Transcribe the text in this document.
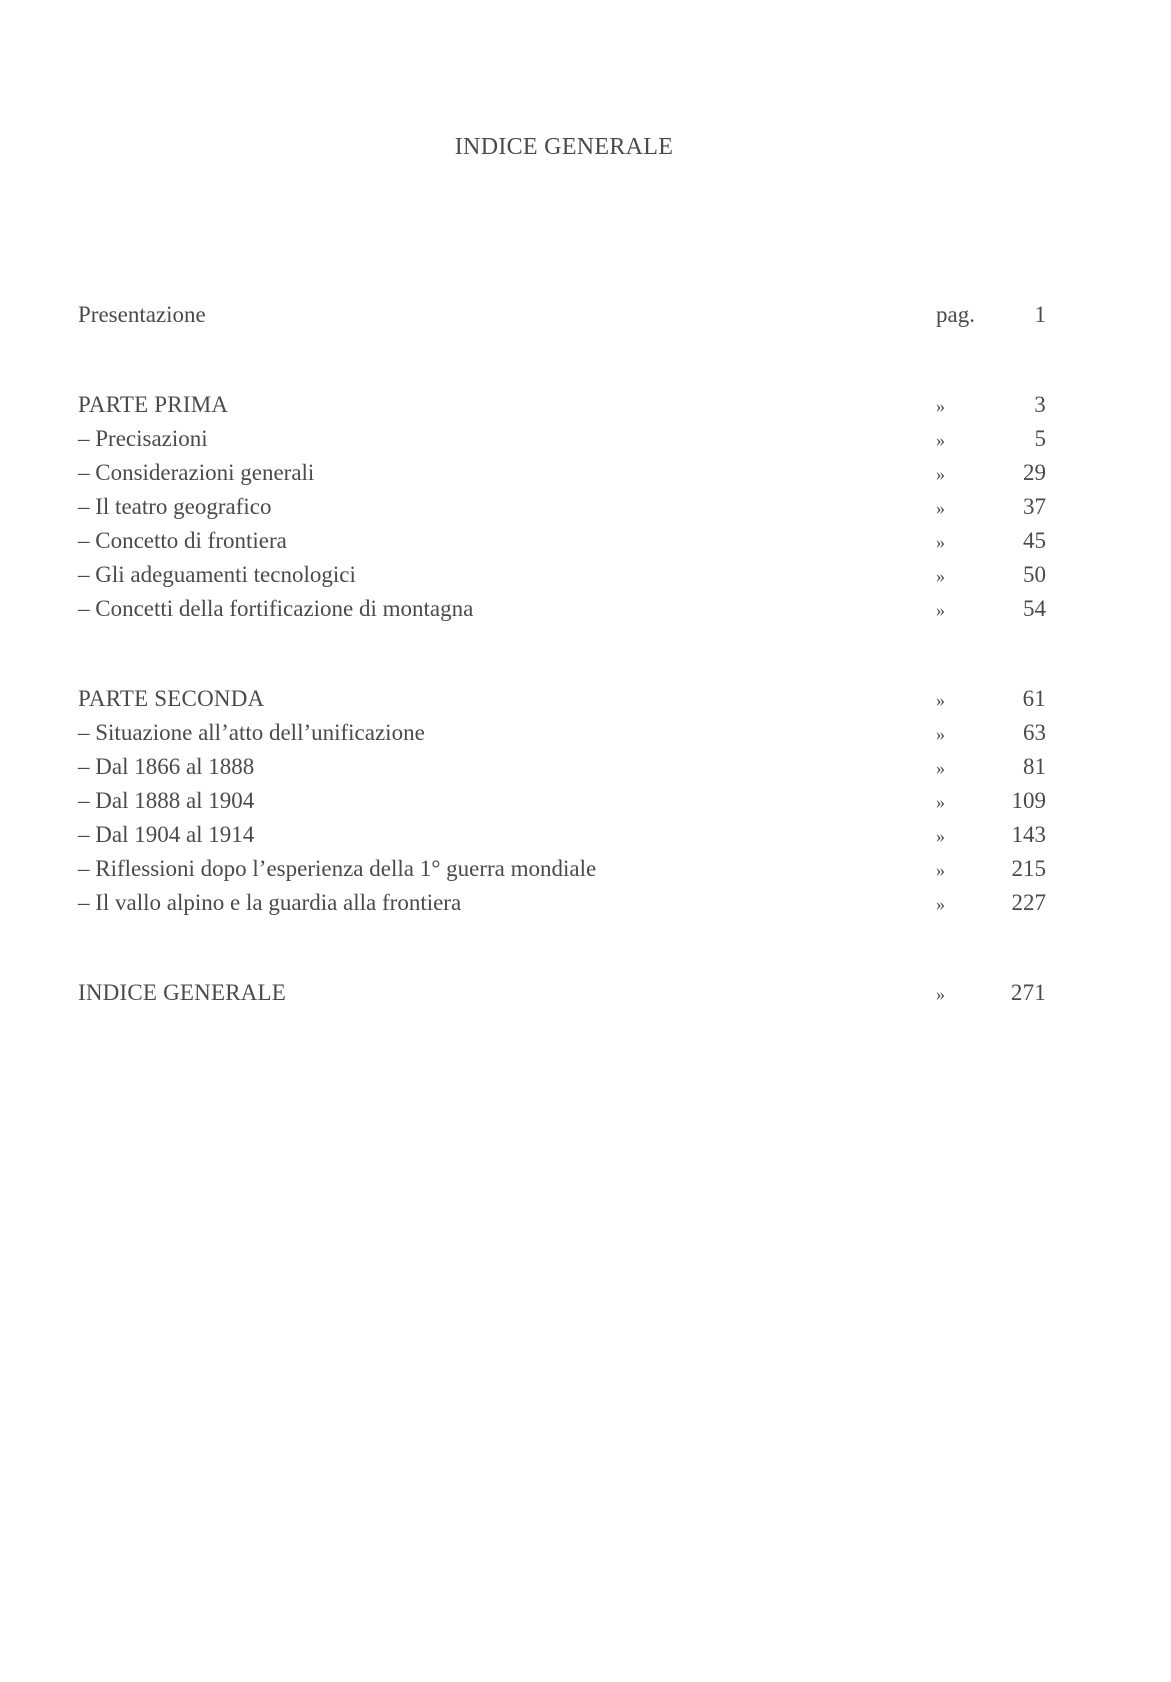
INDICE GENERALE
Presentazione	pag.	1
PARTE PRIMA	»	3
– Precisazioni	»	5
– Considerazioni generali	»	29
– Il teatro geografico	»	37
– Concetto di frontiera	»	45
– Gli adeguamenti tecnologici	»	50
– Concetti della fortificazione di montagna	»	54
PARTE SECONDA	»	61
– Situazione all’atto dell’unificazione	»	63
– Dal 1866 al 1888	»	81
– Dal 1888 al 1904	»	109
– Dal 1904 al 1914	»	143
– Riflessioni dopo l’esperienza della 1° guerra mondiale	»	215
– Il vallo alpino e la guardia alla frontiera	»	227
INDICE GENERALE	»	271
